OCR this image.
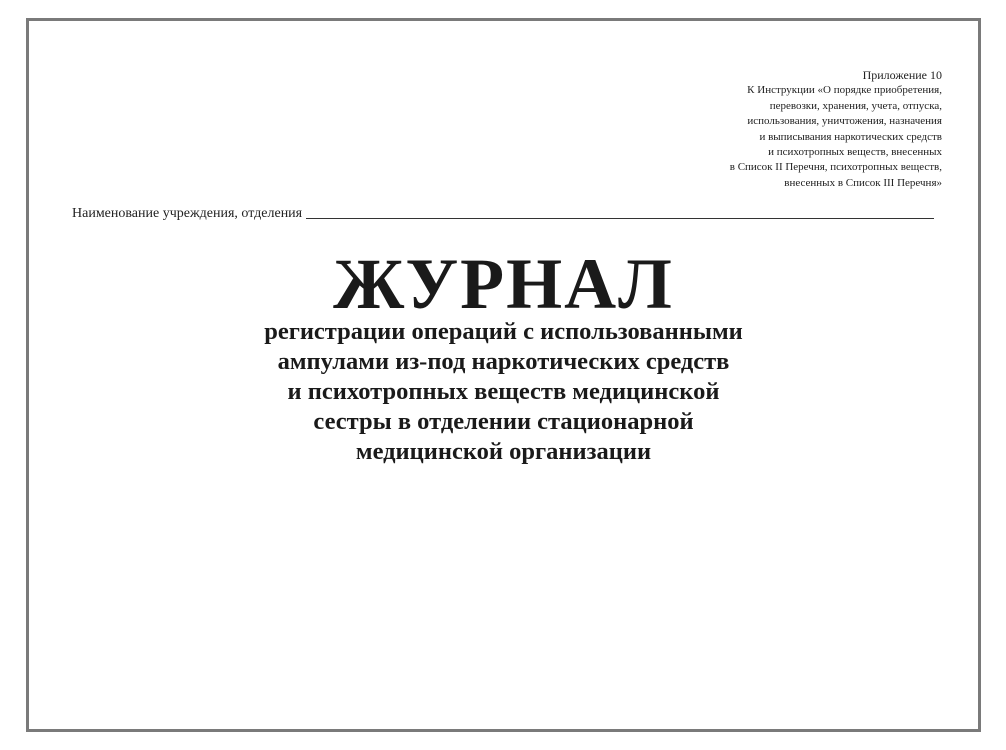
Приложение 10
К Инструкции «О порядке приобретения,
перевозки, хранения, учета, отпуска,
использования, уничтожения, назначения
и выписывания наркотических средств
и психотропных веществ, внесенных
в Список II Перечня, психотропных веществ,
внесенных в Список III Перечня»
Наименование учреждения, отделения
ЖУРНАЛ
регистрации операций с использованными
ампулами из-под наркотических средств
и психотропных веществ медицинской
сестры в отделении стационарной
медицинской организации
